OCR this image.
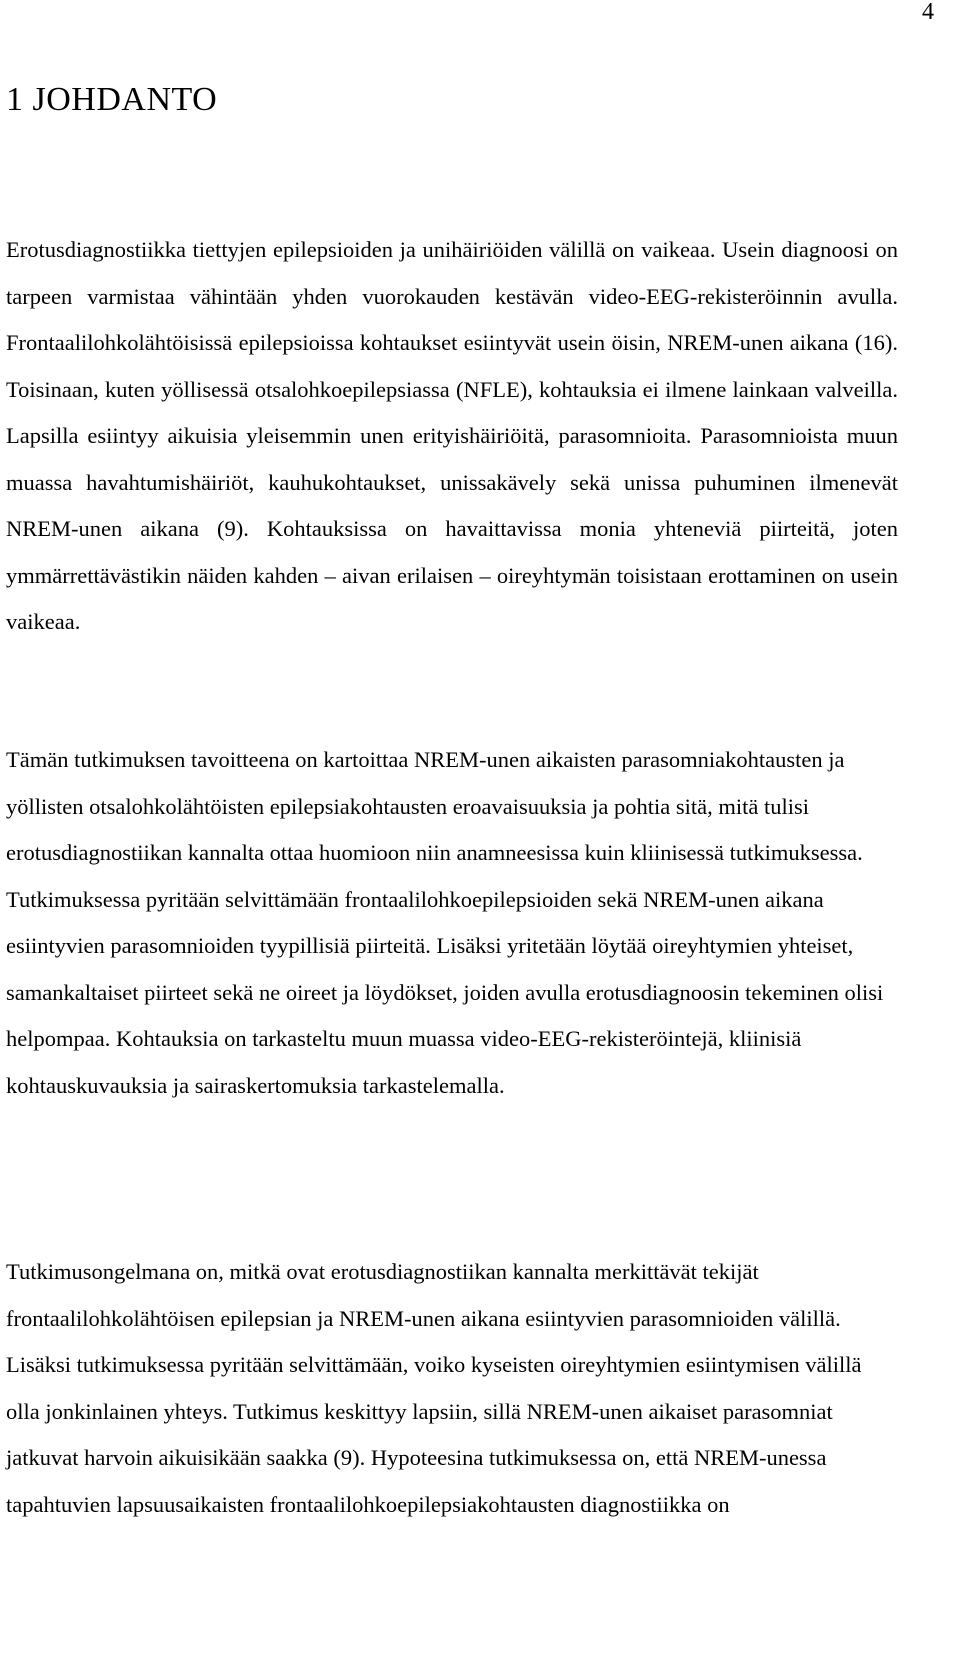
4
1 JOHDANTO

Erotusdiagnostiikka tiettyjen epilepsioiden ja unihäiriöiden välillä on vaikeaa. Usein diagnoosi on tarpeen varmistaa vähintään yhden vuorokauden kestävän video-EEG-rekisteröinnin avulla. Frontaalilohkolähtöisissä epilepsioissa kohtaukset esiintyvät usein öisin, NREM-unen aikana (16). Toisinaan, kuten yöllisessä otsalohkoepilepsiassa (NFLE), kohtauksia ei ilmene lainkaan valveilla. Lapsilla esiintyy aikuisia yleisemmin unen erityishäiriöitä, parasomnioita. Parasomnioista muun muassa havahtumishäiriöt, kauhukohtaukset, unissakävely sekä unissa puhuminen ilmenevät NREM-unen aikana (9). Kohtauksissa on havaittavissa monia yhteneviä piirteitä, joten ymmärrettävästikin näiden kahden – aivan erilaisen – oireyhtymän toisistaan erottaminen on usein vaikeaa.

Tämän tutkimuksen tavoitteena on kartoittaa NREM-unen aikaisten parasomniakohtausten ja yöllisten otsalohkolähtöisten epilepsiakohtausten eroavaisuuksia ja pohtia sitä, mitä tulisi erotusdiagnostiikan kannalta ottaa huomioon niin anamneesissa kuin kliinisessä tutkimuksessa. Tutkimuksessa pyritään selvittämään frontaalilohkoepilepsioiden sekä NREM-unen aikana esiintyvien parasomnioiden tyypillisiä piirteitä. Lisäksi yritetään löytää oireyhtymien yhteiset, samankaltaiset piirteet sekä ne oireet ja löydökset, joiden avulla erotusdiagnoosin tekeminen olisi helpompaa. Kohtauksia on tarkasteltu muun muassa video-EEG-rekisteröintejä, kliinisiä kohtauskuvauksia ja sairaskertomuksia tarkastelemalla.

Tutkimusongelmana on, mitkä ovat erotusdiagnostiikan kannalta merkittävät tekijät frontaalilohkolähtöisen epilepsian ja NREM-unen aikana esiintyvien parasomnioiden välillä. Lisäksi tutkimuksessa pyritään selvittämään, voiko kyseisten oireyhtymien esiintymisen välillä olla jonkinlainen yhteys. Tutkimus keskittyy lapsiin, sillä NREM-unen aikaiset parasomniat jatkuvat harvoin aikuisikään saakka (9). Hypoteesina tutkimuksessa on, että NREM-unessa tapahtuvien lapsuusaikaisten frontaalilohkoepilepsiakohtausten diagnostiikka on
